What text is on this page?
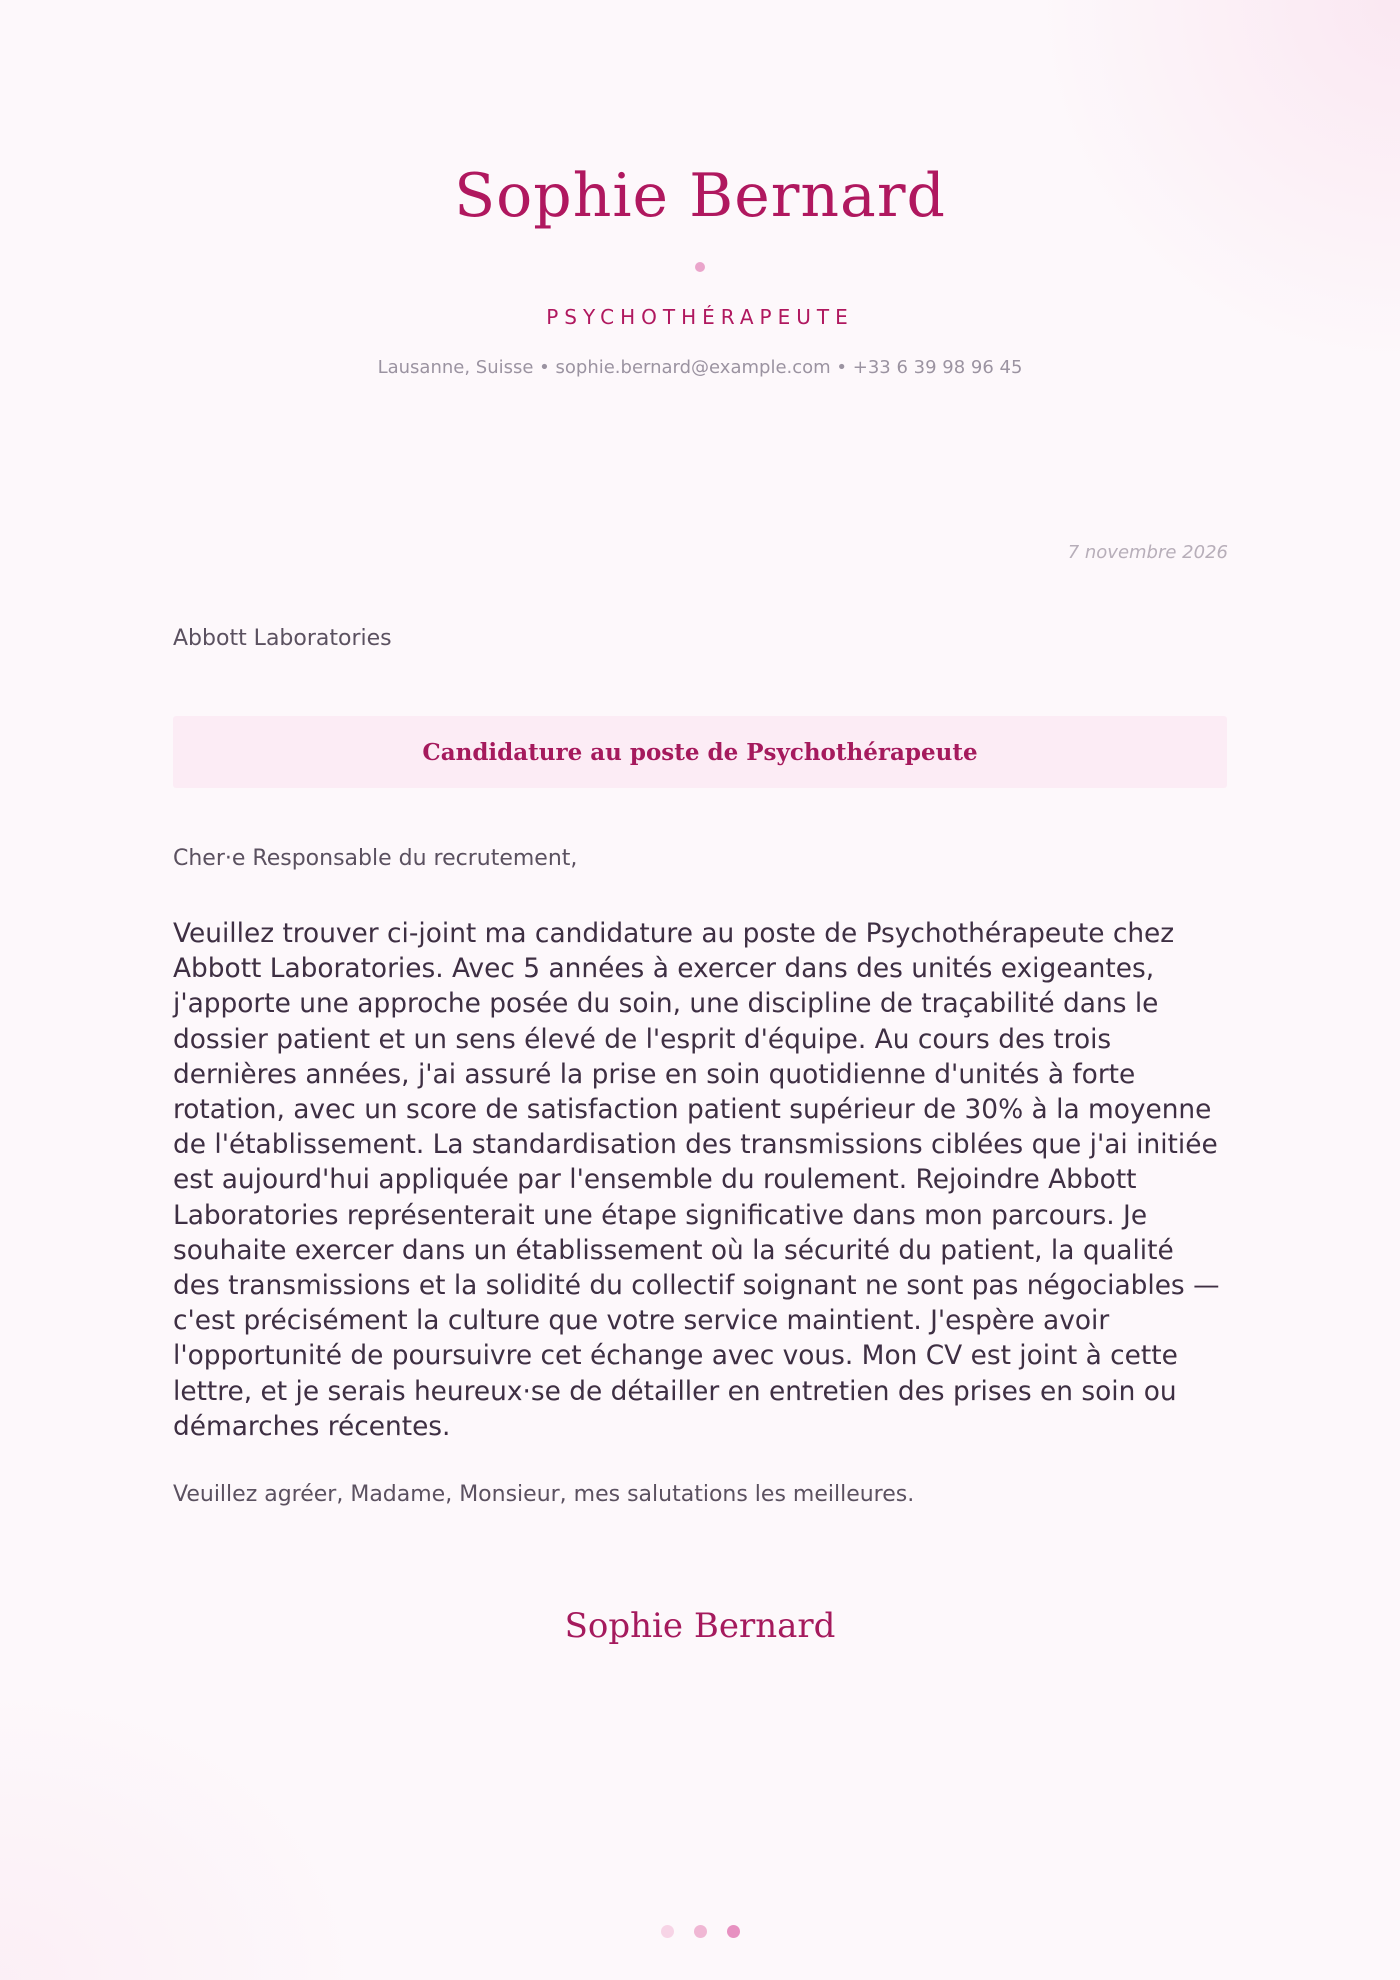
Sophie Bernard
PSYCHOTHÉRAPEUTE
Lausanne, Suisse • sophie.bernard@example.com • +33 6 39 98 96 45
7 novembre 2026
Abbott Laboratories
Candidature au poste de Psychothérapeute
Cher·e Responsable du recrutement,
Veuillez trouver ci-joint ma candidature au poste de Psychothérapeute chez Abbott Laboratories. Avec 5 années à exercer dans des unités exigeantes, j'apporte une approche posée du soin, une discipline de traçabilité dans le dossier patient et un sens élevé de l'esprit d'équipe. Au cours des trois dernières années, j'ai assuré la prise en soin quotidienne d'unités à forte rotation, avec un score de satisfaction patient supérieur de 30% à la moyenne de l'établissement. La standardisation des transmissions ciblées que j'ai initiée est aujourd'hui appliquée par l'ensemble du roulement. Rejoindre Abbott Laboratories représenterait une étape significative dans mon parcours. Je souhaite exercer dans un établissement où la sécurité du patient, la qualité des transmissions et la solidité du collectif soignant ne sont pas négociables — c'est précisément la culture que votre service maintient. J'espère avoir l'opportunité de poursuivre cet échange avec vous. Mon CV est joint à cette lettre, et je serais heureux·se de détailler en entretien des prises en soin ou démarches récentes.
Veuillez agréer, Madame, Monsieur, mes salutations les meilleures.
Sophie Bernard
